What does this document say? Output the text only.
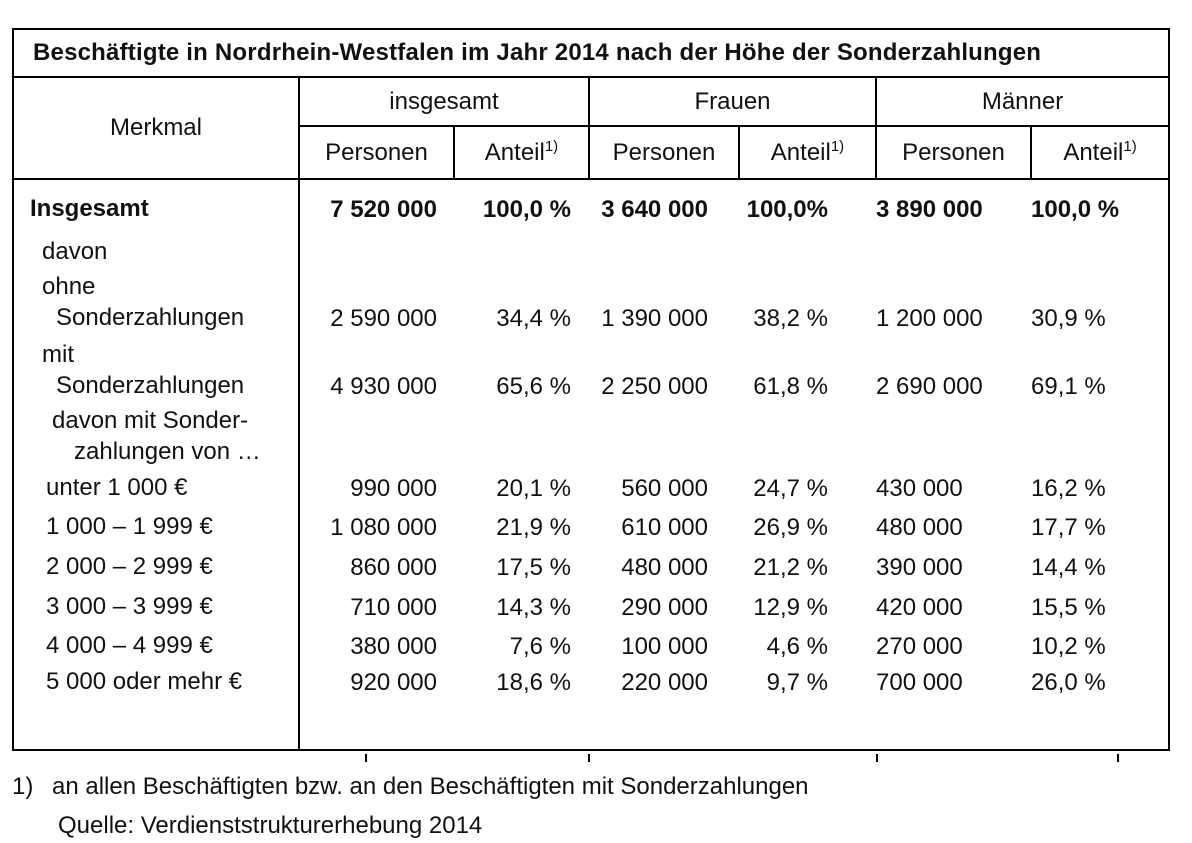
Beschäftigte in Nordrhein-Westfalen im Jahr 2014 nach der Höhe der Sonderzahlungen						
Merkmal	insgesamt		Frauen		Männer	
	Personen	Anteil$^{1)}$	Personen	Anteil$^{1)}$	Personen	Anteil$^{1)}$

Insgesamt	7 520 000	100,0 %	3 640 000	100,0%	3 890 000	100,0 %

davon						

ohne
Sonderzahlungen	2 590 000	34,4 %	1 390 000	38,2 %	1 200 000	30,9 %

mit
Sonderzahlungen	4 930 000	65,6 %	2 250 000	61,8 %	2 690 000	69,1 %

davon mit Sonder-
zahlungen von …						

unter 1 000 €	990 000	20,1 %	560 000	24,7 %	430 000	16,2 %

1 000 – 1 999 €	1 080 000	21,9 %	610 000	26,9 %	480 000	17,7 %

2 000 – 2 999 €	860 000	17,5 %	480 000	21,2 %	390 000	14,4 %

3 000 – 3 999 €	710 000	14,3 %	290 000	12,9 %	420 000	15,5 %

4 000 – 4 999 €	380 000	7,6 %	100 000	4,6 %	270 000	10,2 %

5 000 oder mehr €	920 000	18,6 %	220 000	9,7 %	700 000	26,0 %
1) an allen Beschäftigten bzw. an den Beschäftigten mit Sonderzahlungen
Quelle: Verdienststrukturerhebung 2014
